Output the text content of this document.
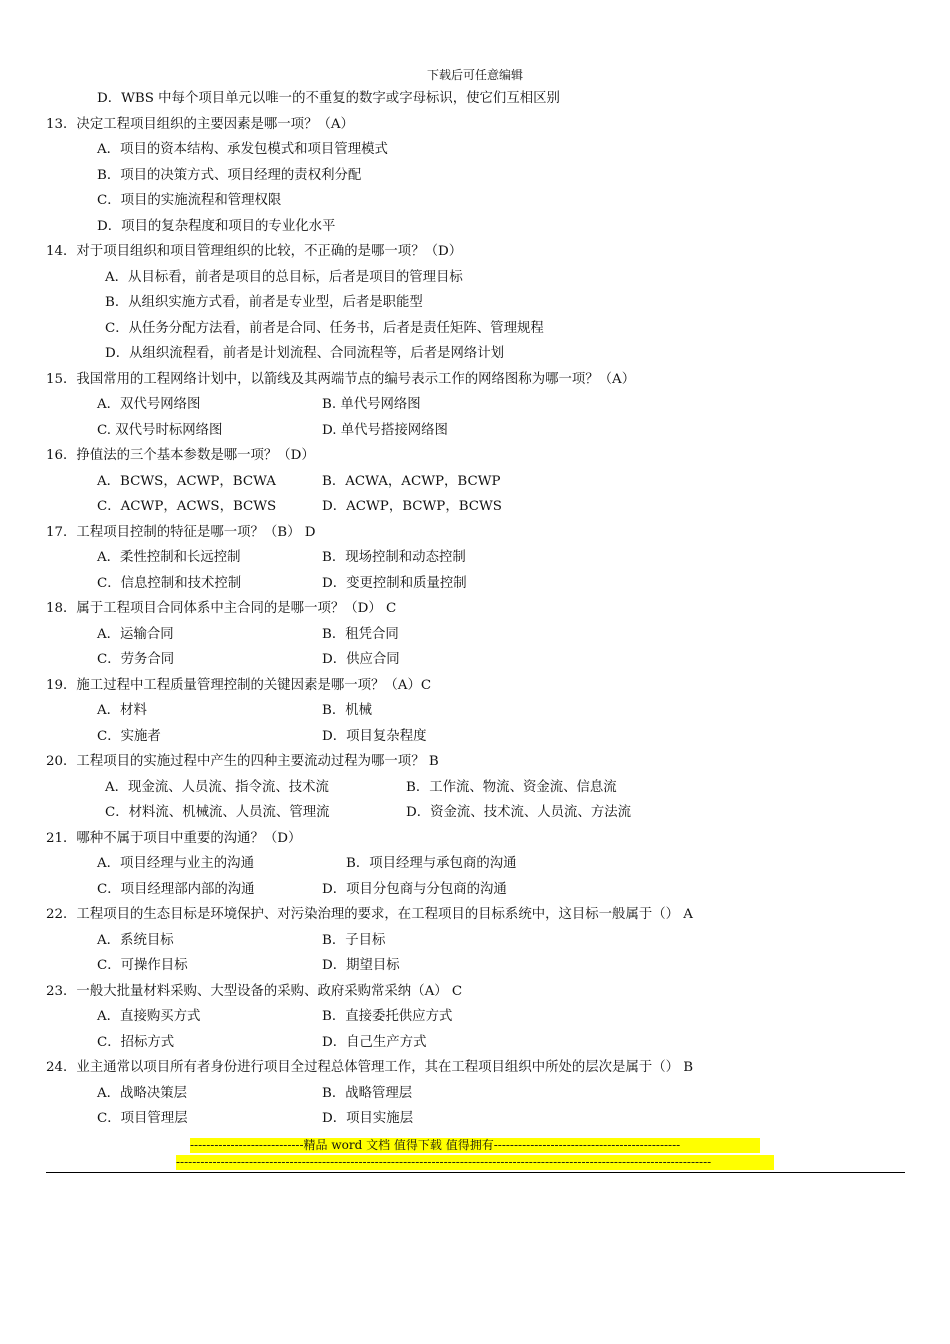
下载后可任意编辑
D．WBS 中每个项目单元以唯一的不重复的数字或字母标识，使它们互相区别
13．决定工程项目组织的主要因素是哪一项？（A）
A．项目的资本结构、承发包模式和项目管理模式
B．项目的决策方式、项目经理的责权利分配
C．项目的实施流程和管理权限
D．项目的复杂程度和项目的专业化水平
14．对于项目组织和项目管理组织的比较，不正确的是哪一项？（D）
A．从目标看，前者是项目的总目标，后者是项目的管理目标
B．从组织实施方式看，前者是专业型，后者是职能型
C．从任务分配方法看，前者是合同、任务书，后者是责任矩阵、管理规程
D．从组织流程看，前者是计划流程、合同流程等，后者是网络计划
15．我国常用的工程网络计划中，以箭线及其两端节点的编号表示工作的网络图称为哪一项？（A）
A．双代号网络图	B. 单代号网络图
C. 双代号时标网络图	D. 单代号搭接网络图
16．挣值法的三个基本参数是哪一项？（D）
A．BCWS，ACWP，BCWA	B．ACWA，ACWP，BCWP
C．ACWP，ACWS，BCWS	D．ACWP，BCWP，BCWS
17．工程项目控制的特征是哪一项？（B） D
A．柔性控制和长远控制	B．现场控制和动态控制
C．信息控制和技术控制	D．变更控制和质量控制
18．属于工程项目合同体系中主合同的是哪一项？（D） C
A．运输合同	B．租凭合同
C．劳务合同	D．供应合同
19．施工过程中工程质量管理控制的关键因素是哪一项？（A）C
A．材料	B．机械
C．实施者	D．项目复杂程度
20．工程项目的实施过程中产生的四种主要流动过程为哪一项？ B
A．现金流、人员流、指令流、技术流	B．工作流、物流、资金流、信息流
C．材料流、机械流、人员流、管理流	D．资金流、技术流、人员流、方法流
21．哪种不属于项目中重要的沟通？（D）
A．项目经理与业主的沟通	B．项目经理与承包商的沟通
C．项目经理部内部的沟通	D．项目分包商与分包商的沟通
22．工程项目的生态目标是环境保护、对污染治理的要求，在工程项目的目标系统中，这目标一般属于（） A
A．系统目标	B．子目标
C．可操作目标	D．期望目标
23．一般大批量材料采购、大型设备的采购、政府采购常采纳（A） C
A．直接购买方式	B．直接委托供应方式
C．招标方式	D．自己生产方式
24．业主通常以项目所有者身份进行项目全过程总体管理工作，其在工程项目组织中所处的层次是属于（） B
A．战略决策层	B．战略管理层
C．项目管理层	D．项目实施层
----------------------------精品 word 文档 值得下载 值得拥有----------------------------------------------
------------------------------------------------------------------------------------------------------------------------------------
